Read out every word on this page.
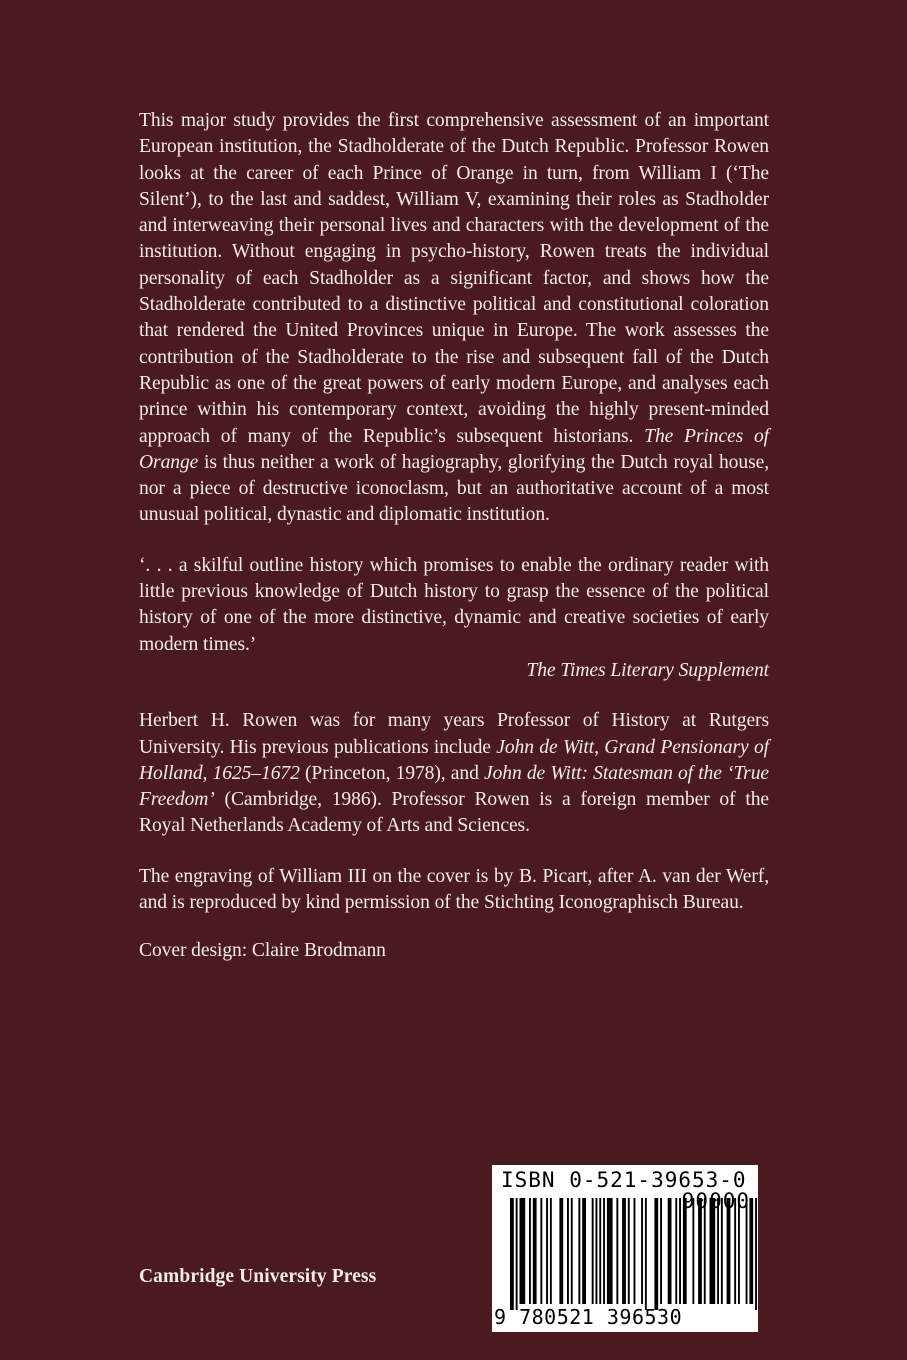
This major study provides the first comprehensive assessment of an important European institution, the Stadholderate of the Dutch Republic. Professor Rowen looks at the career of each Prince of Orange in turn, from William I (‘The Silent’), to the last and saddest, William V, examining their roles as Stadholder and interweaving their personal lives and characters with the development of the institution. Without engaging in psycho-history, Rowen treats the individual personality of each Stadholder as a significant factor, and shows how the Stadholderate contributed to a distinctive political and constitutional coloration that rendered the United Provinces unique in Europe. The work assesses the contribution of the Stadholderate to the rise and subsequent fall of the Dutch Republic as one of the great powers of early modern Europe, and analyses each prince within his contemporary context, avoiding the highly present-minded approach of many of the Republic’s subsequent historians. The Princes of Orange is thus neither a work of hagiography, glorifying the Dutch royal house, nor a piece of destructive iconoclasm, but an authoritative account of a most unusual political, dynastic and diplomatic institution.

‘. . . a skilful outline history which promises to enable the ordinary reader with little previous knowledge of Dutch history to grasp the essence of the political history of one of the more distinctive, dynamic and creative societies of early modern times.’

The Times Literary Supplement

Herbert H. Rowen was for many years Professor of History at Rutgers University. His previous publications include John de Witt, Grand Pensionary of Holland, 1625–1672 (Princeton, 1978), and John de Witt: Statesman of the ‘True Freedom’ (Cambridge, 1986). Professor Rowen is a foreign member of the Royal Netherlands Academy of Arts and Sciences.

The engraving of William III on the cover is by B. Picart, after A. van der Werf, and is reproduced by kind permission of the Stichting Iconographisch Bureau.

Cover design: Claire Brodmann

Cambridge University Press
ISBN 0-521-39653-0
90000
9 780521 396530
